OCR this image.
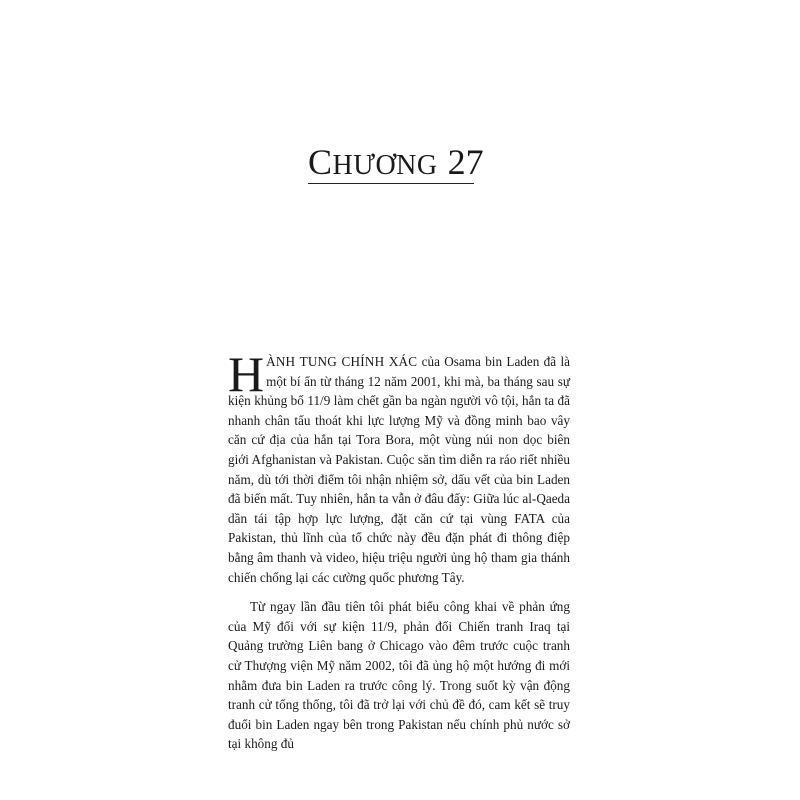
CHƯƠNG 27

HÀNH TUNG CHÍNH XÁC của Osama bin Laden đã là một bí ẩn từ tháng 12 năm 2001, khi mà, ba tháng sau sự kiện khủng bố 11/9 làm chết gần ba ngàn người vô tội, hắn ta đã nhanh chân tẩu thoát khi lực lượng Mỹ và đồng minh bao vây căn cứ địa của hắn tại Tora Bora, một vùng núi non dọc biên giới Afghanistan và Pakistan. Cuộc săn tìm diễn ra ráo riết nhiều năm, dù tới thời điểm tôi nhận nhiệm sở, dấu vết của bin Laden đã biến mất. Tuy nhiên, hắn ta vẫn ở đâu đấy: Giữa lúc al-Qaeda dần tái tập hợp lực lượng, đặt căn cứ tại vùng FATA của Pakistan, thủ lĩnh của tổ chức này đều đặn phát đi thông điệp bằng âm thanh và video, hiệu triệu người ủng hộ tham gia thánh chiến chống lại các cường quốc phương Tây.

Từ ngay lần đầu tiên tôi phát biểu công khai về phản ứng của Mỹ đối với sự kiện 11/9, phản đối Chiến tranh Iraq tại Quảng trường Liên bang ở Chicago vào đêm trước cuộc tranh cử Thượng viện Mỹ năm 2002, tôi đã ủng hộ một hướng đi mới nhằm đưa bin Laden ra trước công lý. Trong suốt kỳ vận động tranh cử tổng thống, tôi đã trở lại với chủ đề đó, cam kết sẽ truy đuổi bin Laden ngay bên trong Pakistan nếu chính phủ nước sở tại không đủ
